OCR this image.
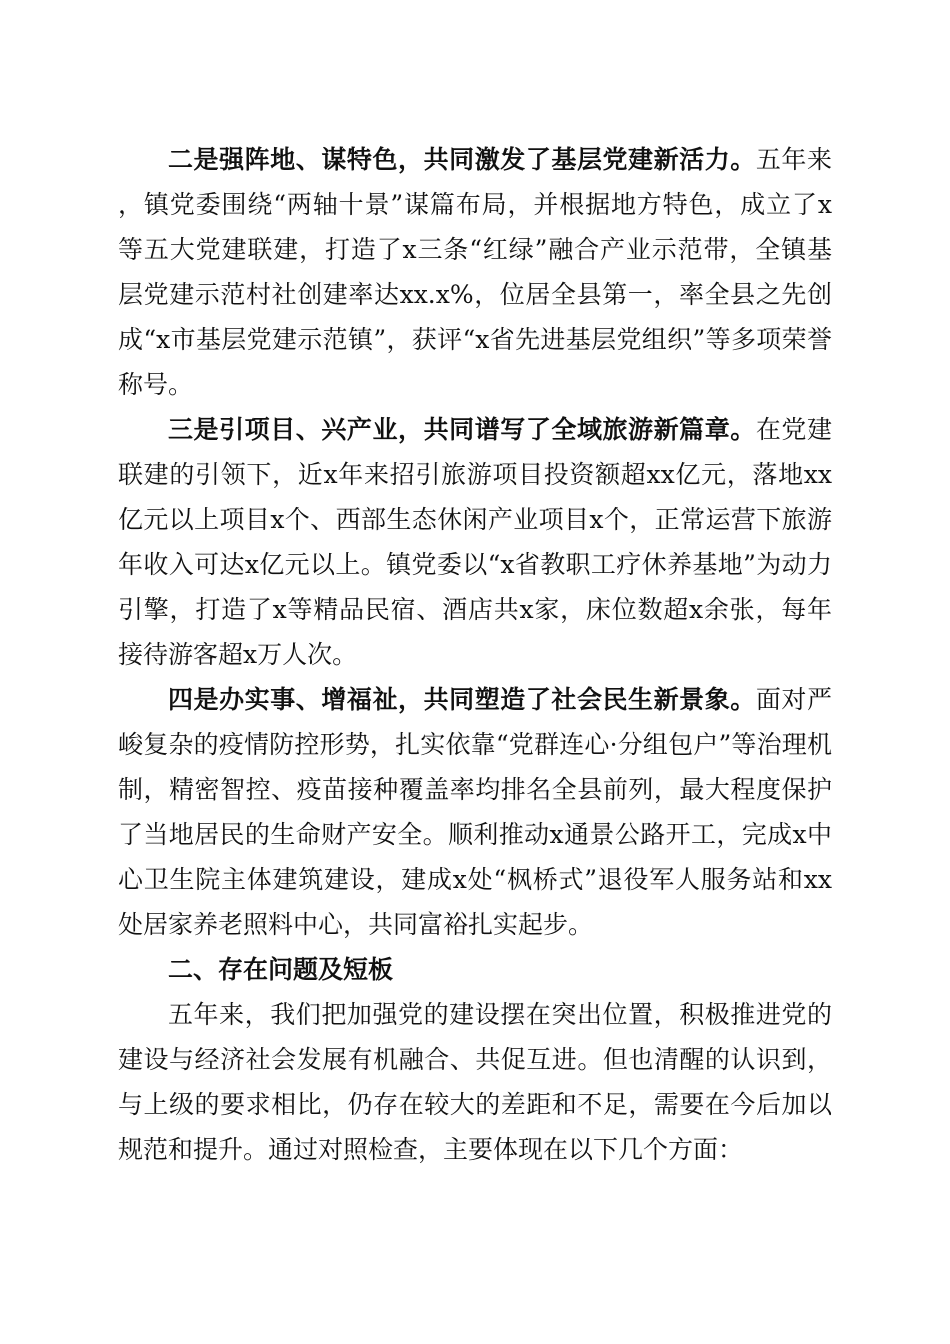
二是强阵地、谋特色，共同激发了基层党建新活力。五年来，镇党委围绕“两轴十景”谋篇布局，并根据地方特色，成立了x等五大党建联建，打造了x三条“红绿”融合产业示范带，全镇基层党建示范村社创建率达xx.x%，位居全县第一，率全县之先创成“x市基层党建示范镇”，获评“x省先进基层党组织”等多项荣誉称号。

三是引项目、兴产业，共同谱写了全域旅游新篇章。在党建联建的引领下，近x年来招引旅游项目投资额超xx亿元，落地xx亿元以上项目x个、西部生态休闲产业项目x个，正常运营下旅游年收入可达x亿元以上。镇党委以“x省教职工疗休养基地”为动力引擎，打造了x等精品民宿、酒店共x家，床位数超x余张，每年接待游客超x万人次。

四是办实事、增福祉，共同塑造了社会民生新景象。面对严峻复杂的疫情防控形势，扎实依靠“党群连心·分组包户”等治理机制，精密智控、疫苗接种覆盖率均排名全县前列，最大程度保护了当地居民的生命财产安全。顺利推动x通景公路开工，完成x中心卫生院主体建筑建设，建成x处“枫桥式”退役军人服务站和xx处居家养老照料中心，共同富裕扎实起步。

二、存在问题及短板

五年来，我们把加强党的建设摆在突出位置，积极推进党的建设与经济社会发展有机融合、共促互进。但也清醒的认识到，与上级的要求相比，仍存在较大的差距和不足，需要在今后加以规范和提升。通过对照检查，主要体现在以下几个方面：
